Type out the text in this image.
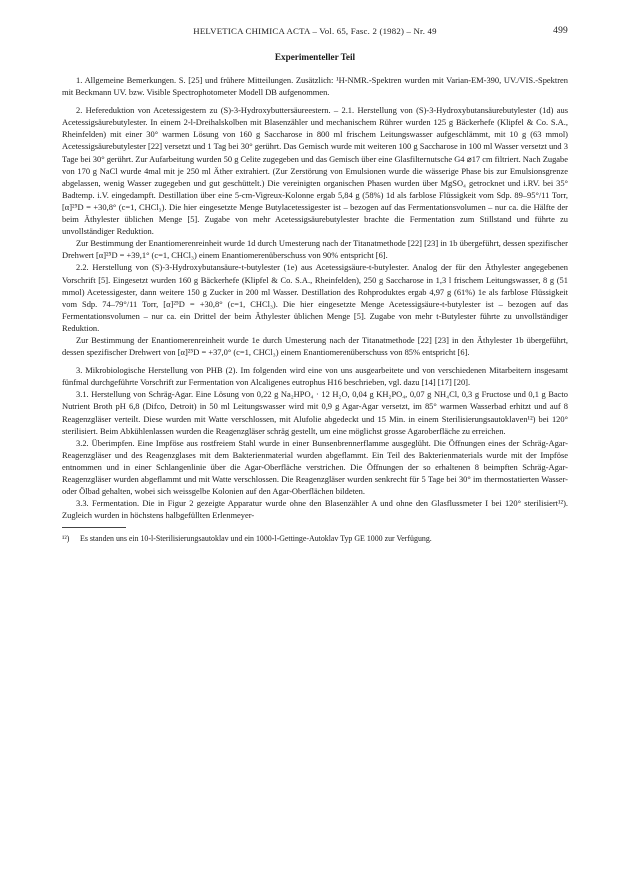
HELVETICA CHIMICA ACTA – Vol. 65, Fasc. 2 (1982) – Nr. 49	499
Experimenteller Teil

1. Allgemeine Bemerkungen. S. [25] und frühere Mitteilungen. Zusätzlich: ¹H-NMR.-Spektren wurden mit Varian-EM-390, UV./VIS.-Spektren mit Beckmann UV. bzw. Visible Spectrophotometer Modell DB aufgenommen.

2. Hefereduktion von Acetessigestern zu (S)-3-Hydroxybuttersäureestern. – 2.1. Herstellung von (S)-3-Hydroxybutansäurebutylester (1d) aus Acetessigsäurebutylester. In einem 2-l-Dreihalskolben mit Blasenzähler und mechanischem Rührer wurden 125 g Bäckerhefe (Klipfel & Co. S.A., Rheinfelden) mit einer 30° warmen Lösung von 160 g Saccharose in 800 ml frischem Leitungswasser aufgeschlämmt, mit 10 g (63 mmol) Acetessigsäurebutylester [22] versetzt und 1 Tag bei 30° gerührt. Das Gemisch wurde mit weiteren 100 g Saccharose in 100 ml Wasser versetzt und 3 Tage bei 30° gerührt. Zur Aufarbeitung wurden 50 g Celite zugegeben und das Gemisch über eine Glasfilternutsche G4 ⌀17 cm filtriert. Nach Zugabe von 170 g NaCl wurde 4mal mit je 250 ml Äther extrahiert. (Zur Zerstörung von Emulsionen wurde die wässerige Phase bis zur Emulsionsgrenze abgelassen, wenig Wasser zugegeben und gut geschüttelt.) Die vereinigten organischen Phasen wurden über MgSO₄ getrocknet und i.RV. bei 35° Badtemp. i.V. eingedampft. Destillation über eine 5-cm-Vigreux-Kolonne ergab 5,84 g (58%) 1d als farblose Flüssigkeit vom Sdp. 89–95°/11 Torr, [α]²⁵D = +30,8° (c=1, CHCl₃). Die hier eingesetzte Menge Butylacetessigester ist – bezogen auf das Fermentationsvolumen – nur ca. die Hälfte der beim Äthylester üblichen Menge [5]. Zugabe von mehr Acetessigsäurebutylester brachte die Fermentation zum Stillstand und führte zu unvollständiger Reduktion.

Zur Bestimmung der Enantiomerenreinheit wurde 1d durch Umesterung nach der Titanatmethode [22] [23] in 1b übergeführt, dessen spezifischer Drehwert [α]²⁵D = +39,1° (c=1, CHCl₃) einem Enantiomerenüberschuss von 90% entspricht [6].

2.2. Herstellung von (S)-3-Hydroxybutansäure-t-butylester (1e) aus Acetessigsäure-t-butylester. Analog der für den Äthylester angegebenen Vorschrift [5]. Eingesetzt wurden 160 g Bäckerhefe (Klipfel & Co. S.A., Rheinfelden), 250 g Saccharose in 1,3 l frischem Leitungswasser, 8 g (51 mmol) Acetessigester, dann weitere 150 g Zucker in 200 ml Wasser. Destillation des Rohproduktes ergab 4,97 g (61%) 1e als farblose Flüssigkeit vom Sdp. 74–79°/11 Torr, [α]²⁵D = +30,8° (c=1, CHCl₃). Die hier eingesetzte Menge Acetessigsäure-t-butylester ist – bezogen auf das Fermentationsvolumen – nur ca. ein Drittel der beim Äthylester üblichen Menge [5]. Zugabe von mehr t-Butylester führte zu unvollständiger Reduktion.

Zur Bestimmung der Enantiomerenreinheit wurde 1e durch Umesterung nach der Titanatmethode [22] [23] in den Äthylester 1b übergeführt, dessen spezifischer Drehwert von [α]²⁵D = +37,0° (c=1, CHCl₃) einem Enantiomerenüberschuss von 85% entspricht [6].

3. Mikrobiologische Herstellung von PHB (2). Im folgenden wird eine von uns ausgearbeitete und von verschiedenen Mitarbeitern insgesamt fünfmal durchgeführte Vorschrift zur Fermentation von Alcaligenes eutrophus H16 beschrieben, vgl. dazu [14] [17] [20].

3.1. Herstellung von Schräg-Agar. Eine Lösung von 0,22 g Na₂HPO₄ · 12 H₂O, 0,04 g KH₂PO₄, 0,07 g NH₄Cl, 0,3 g Fructose und 0,1 g Bacto Nutrient Broth pH 6,8 (Difco, Detroit) in 50 ml Leitungswasser wird mit 0,9 g Agar-Agar versetzt, im 85° warmen Wasserbad erhitzt und auf 8 Reagenzgläser verteilt. Diese wurden mit Watte verschlossen, mit Alufolie abgedeckt und 15 Min. in einem Sterilisierungsautoklaven¹²) bei 120° sterilisiert. Beim Abkühlenlassen wurden die Reagenzgläser schräg gestellt, um eine möglichst grosse Agaroberfläche zu erreichen.

3.2. Überimpfen. Eine Impföse aus rostfreiem Stahl wurde in einer Bunsenbrennerflamme ausgeglüht. Die Öffnungen eines der Schräg-Agar-Reagenzgläser und des Reagenzglases mit dem Bakterienmaterial wurden abgeflammt. Ein Teil des Bakterienmaterials wurde mit der Impföse entnommen und in einer Schlangenlinie über die Agar-Oberfläche verstrichen. Die Öffnungen der so erhaltenen 8 beimpften Schräg-Agar-Reagenzgläser wurden abgeflammt und mit Watte verschlossen. Die Reagenzgläser wurden senkrecht für 5 Tage bei 30° im thermostatierten Wasser- oder Ölbad gehalten, wobei sich weissgelbe Kolonien auf den Agar-Oberflächen bildeten.

3.3. Fermentation. Die in Figur 2 gezeigte Apparatur wurde ohne den Blasenzähler A und ohne den Glasflussmeter I bei 120° sterilisiert¹²). Zugleich wurden in höchstens halbgefüllten Erlenmeyer-

¹²) Es standen uns ein 10-l-Sterilisierungsautoklav und ein 1000-l-Gettinge-Autoklav Typ GE 1000 zur Verfügung.
